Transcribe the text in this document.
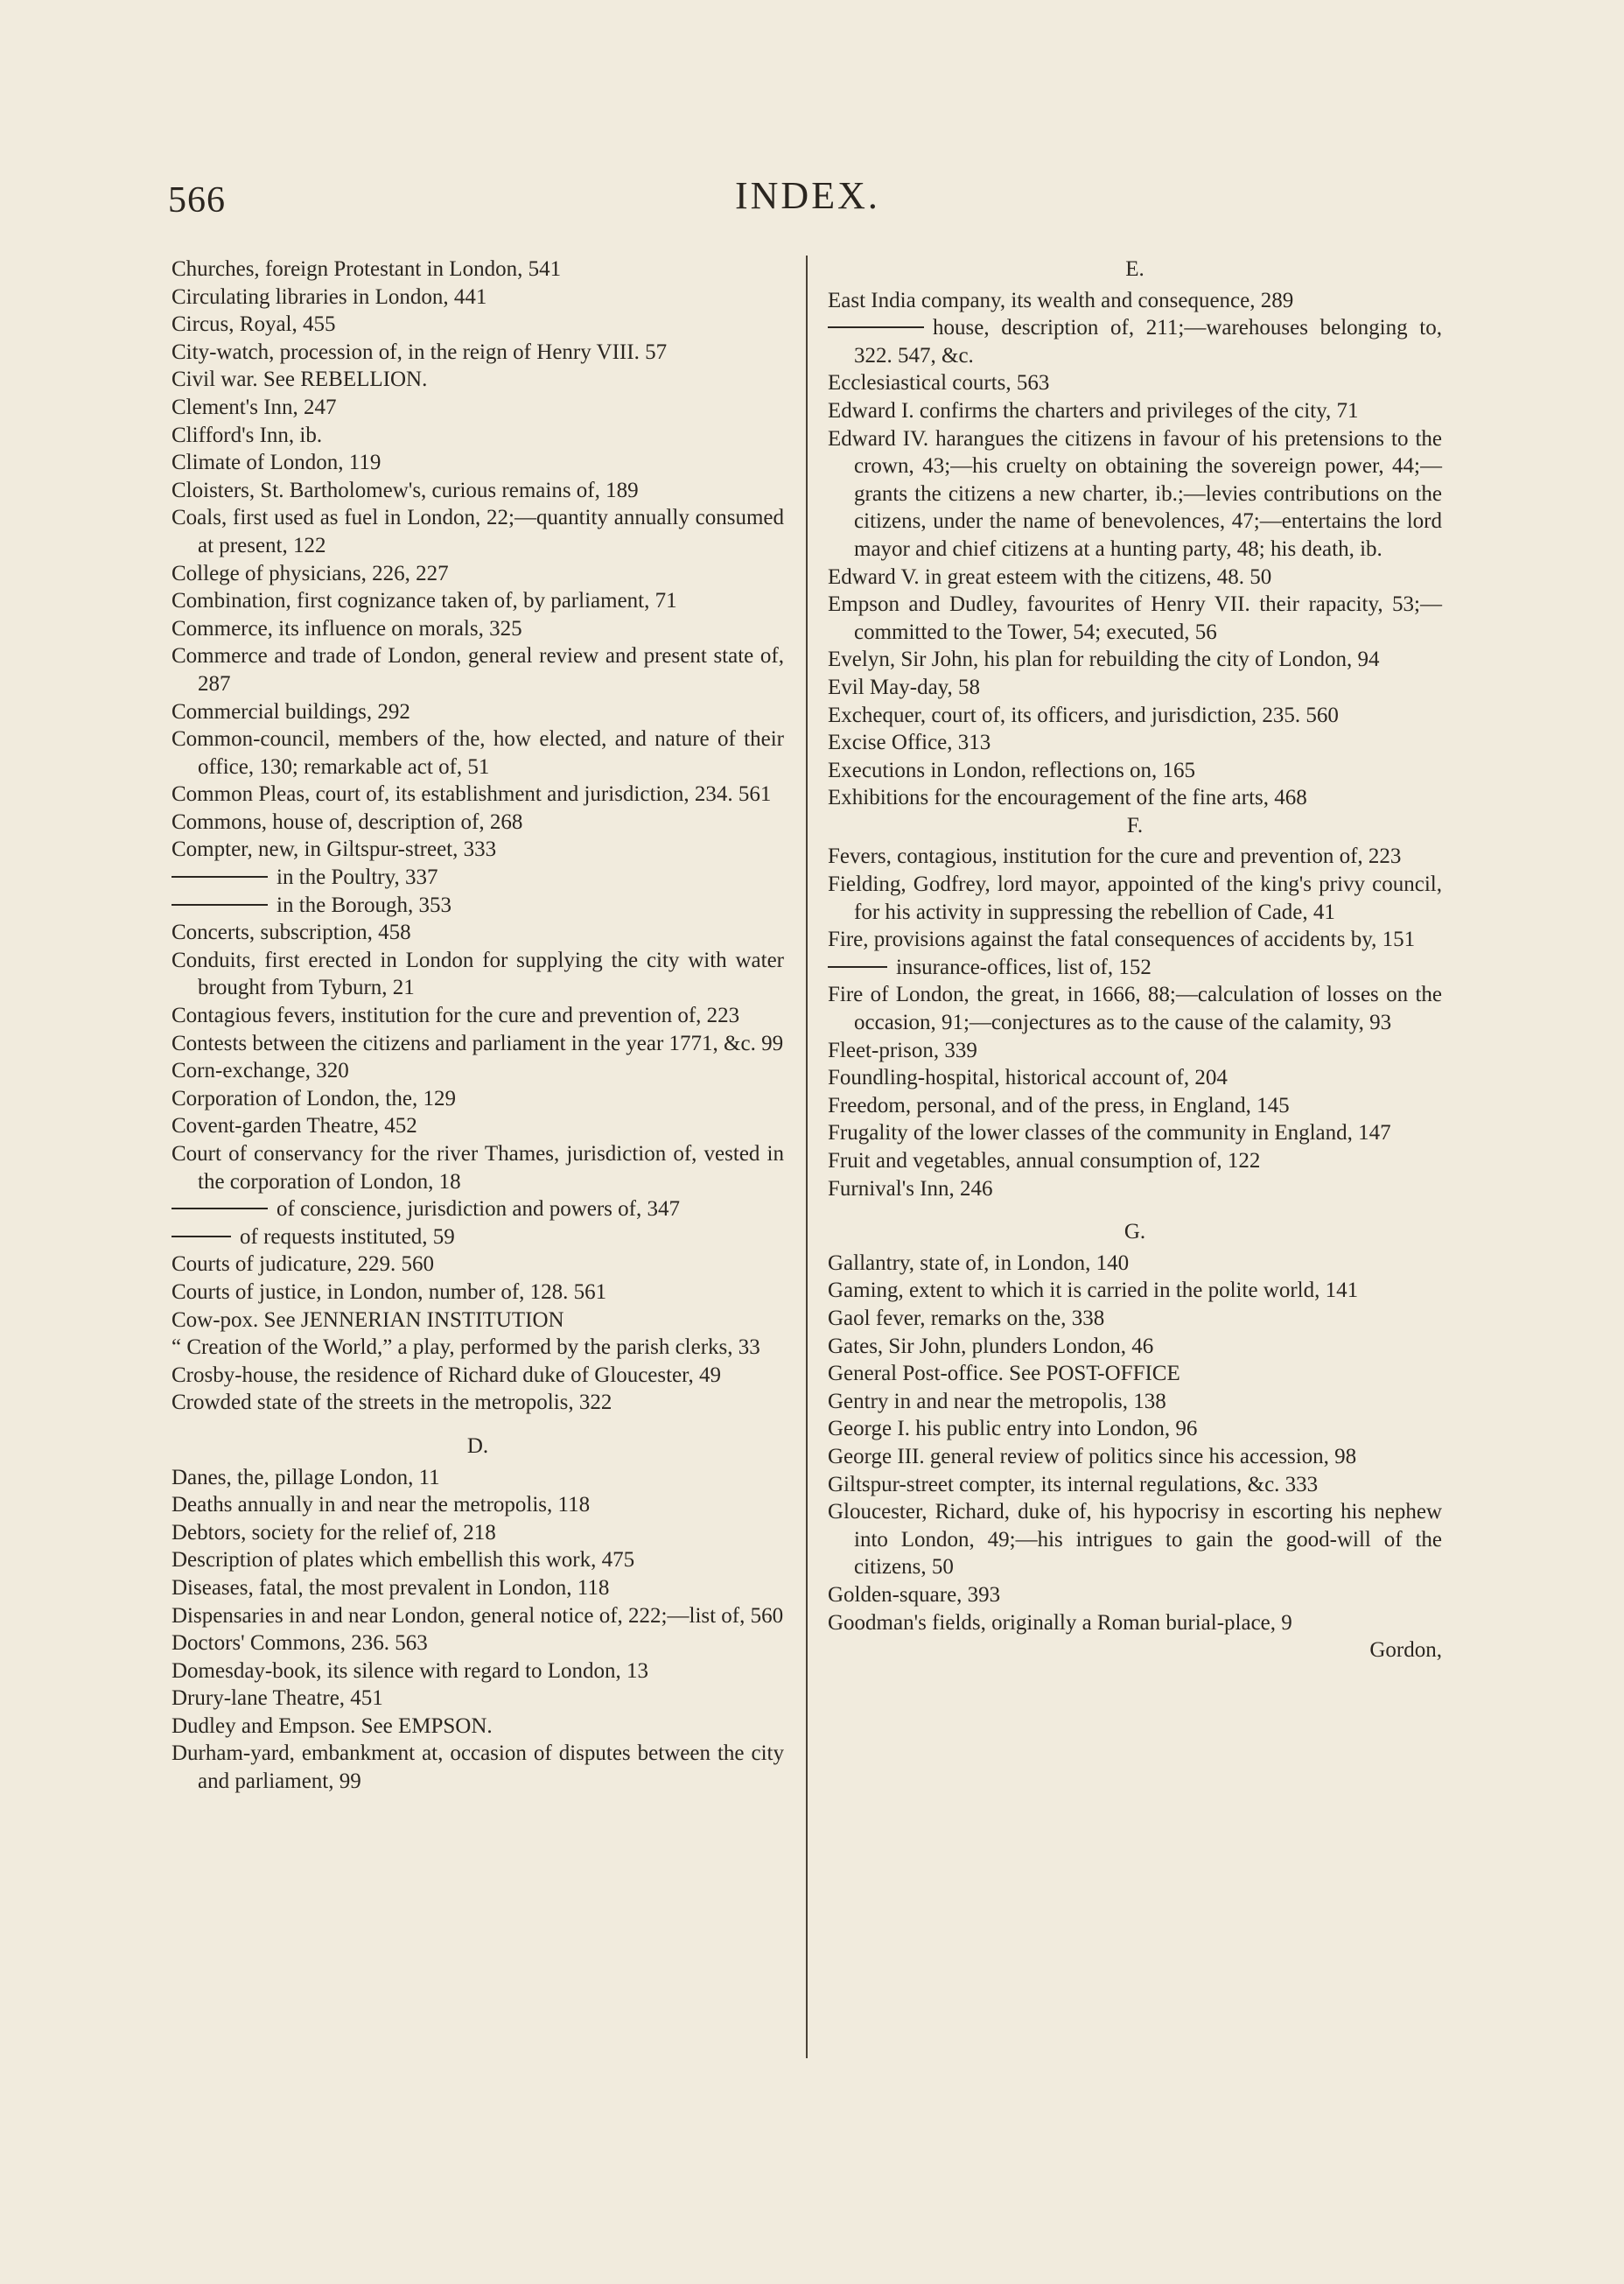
566	INDEX.
Churches, foreign Protestant in London, 541
Circulating libraries in London, 441
Circus, Royal, 455
City-watch, procession of, in the reign of Henry VIII. 57
Civil war. See REBELLION.
Clement's Inn, 247
Clifford's Inn, ib.
Climate of London, 119
Cloisters, St. Bartholomew's, curious remains of, 189
Coals, first used as fuel in London, 22;—quantity annually consumed at present, 122
College of physicians, 226, 227
Combination, first cognizance taken of, by parliament, 71
Commerce, its influence on morals, 325
Commerce and trade of London, general review and present state of, 287
Commercial buildings, 292
Common-council, members of the, how elected, and nature of their office, 130; remarkable act of, 51
Common Pleas, court of, its establishment and jurisdiction, 234. 561
Commons, house of, description of, 268
Compter, new, in Giltspur-street, 333
in the Poultry, 337
in the Borough, 353
Concerts, subscription, 458
Conduits, first erected in London for supplying the city with water brought from Tyburn, 21
Contagious fevers, institution for the cure and prevention of, 223
Contests between the citizens and parliament in the year 1771, &c. 99
Corn-exchange, 320
Corporation of London, the, 129
Covent-garden Theatre, 452
Court of conservancy for the river Thames, jurisdiction of, vested in the corporation of London, 18
of conscience, jurisdiction and powers of, 347
of requests instituted, 59
Courts of judicature, 229. 560
Courts of justice, in London, number of, 128. 561
Cow-pox. See JENNERIAN INSTITUTION
“ Creation of the World,” a play, performed by the parish clerks, 33
Crosby-house, the residence of Richard duke of Gloucester, 49
Crowded state of the streets in the metropolis, 322
D.
Danes, the, pillage London, 11
Deaths annually in and near the metropolis, 118
Debtors, society for the relief of, 218
Description of plates which embellish this work, 475
Diseases, fatal, the most prevalent in London, 118
Dispensaries in and near London, general notice of, 222;—list of, 560
Doctors' Commons, 236. 563
Domesday-book, its silence with regard to London, 13
Drury-lane Theatre, 451
Dudley and Empson. See EMPSON.
Durham-yard, embankment at, occasion of disputes between the city and parliament, 99
E.
East India company, its wealth and consequence, 289
house, description of, 211;—warehouses belonging to, 322. 547, &c.
Ecclesiastical courts, 563
Edward I. confirms the charters and privileges of the city, 71
Edward IV. harangues the citizens in favour of his pretensions to the crown, 43;—his cruelty on obtaining the sovereign power, 44;—grants the citizens a new charter, ib.;—levies contributions on the citizens, under the name of benevolences, 47;—entertains the lord mayor and chief citizens at a hunting party, 48; his death, ib.
Edward V. in great esteem with the citizens, 48. 50
Empson and Dudley, favourites of Henry VII. their rapacity, 53;—committed to the Tower, 54; executed, 56
Evelyn, Sir John, his plan for rebuilding the city of London, 94
Evil May-day, 58
Exchequer, court of, its officers, and jurisdiction, 235. 560
Excise Office, 313
Executions in London, reflections on, 165
Exhibitions for the encouragement of the fine arts, 468
F.
Fevers, contagious, institution for the cure and prevention of, 223
Fielding, Godfrey, lord mayor, appointed of the king's privy council, for his activity in suppressing the rebellion of Cade, 41
Fire, provisions against the fatal consequences of accidents by, 151
insurance-offices, list of, 152
Fire of London, the great, in 1666, 88;—calculation of losses on the occasion, 91;—conjectures as to the cause of the calamity, 93
Fleet-prison, 339
Foundling-hospital, historical account of, 204
Freedom, personal, and of the press, in England, 145
Frugality of the lower classes of the community in England, 147
Fruit and vegetables, annual consumption of, 122
Furnival's Inn, 246
G.
Gallantry, state of, in London, 140
Gaming, extent to which it is carried in the polite world, 141
Gaol fever, remarks on the, 338
Gates, Sir John, plunders London, 46
General Post-office. See POST-OFFICE
Gentry in and near the metropolis, 138
George I. his public entry into London, 96
George III. general review of politics since his accession, 98
Giltspur-street compter, its internal regulations, &c. 333
Gloucester, Richard, duke of, his hypocrisy in escorting his nephew into London, 49;—his intrigues to gain the good-will of the citizens, 50
Golden-square, 393
Goodman's fields, originally a Roman burial-place, 9
Gordon,
